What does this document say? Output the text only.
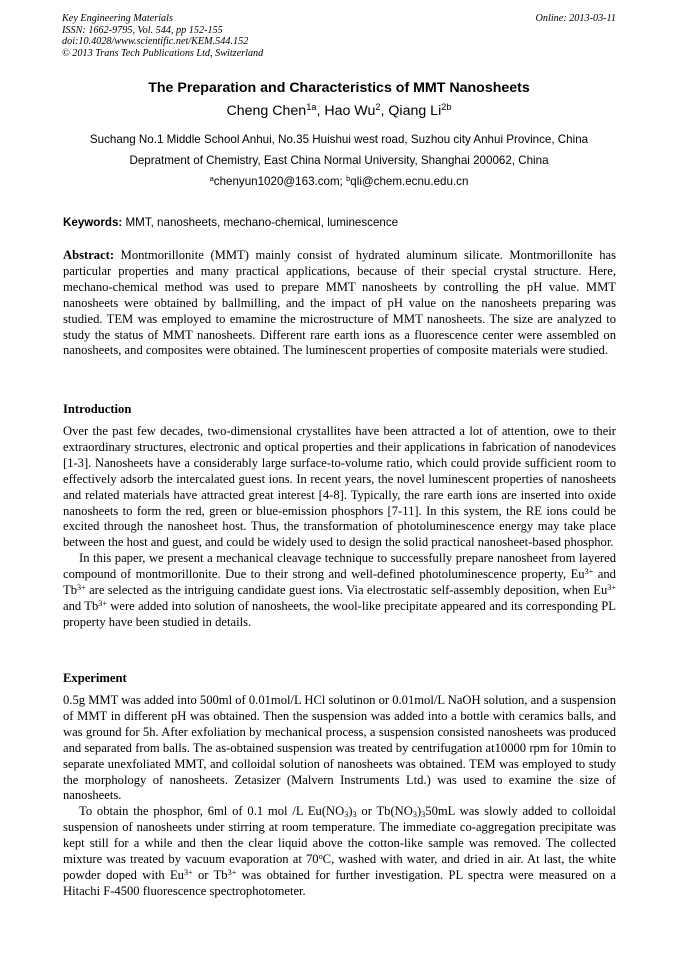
Key Engineering Materials
ISSN: 1662-9795, Vol. 544, pp 152-155
doi:10.4028/www.scientific.net/KEM.544.152
© 2013 Trans Tech Publications Ltd, Switzerland
Online: 2013-03-11
The Preparation and Characteristics of MMT Nanosheets
Cheng Chen$^{1a}$, Hao Wu$^2$, Qiang $Li^{2b}$
Suchang No.1 Middle School Anhui, No.35 Huishui west road, Suzhou city Anhui Province, China
Depratment of Chemistry, East China Normal University, Shanghai 200062, China
$^a$chenyun1020@163.com; $^b$qli@chem.ecnu.edu.cn
Keywords: MMT, nanosheets, mechano-chemical, luminescence

Abstract: Montmorillonite (MMT) mainly consist of hydrated aluminum silicate. Montmorillonite has particular properties and many practical applications, because of their special crystal structure. Here, mechano-chemical method was used to prepare MMT nanosheets by controlling the pH value. MMT nanosheets were obtained by ballmilling, and the impact of pH value on the nanosheets preparing was studied. TEM was employed to emamine the microstructure of MMT nanosheets. The size are analyzed to study the status of MMT nanosheets. Different rare earth ions as a fluorescence center were assembled on nanosheets, and composites were obtained. The luminescent properties of composite materials were studied.

Introduction

Over the past few decades, two-dimensional crystallites have been attracted a lot of attention, owe to their extraordinary structures, electronic and optical properties and their applications in fabrication of nanodevices [1-3]. Nanosheets have a considerably large surface-to-volume ratio, which could provide sufficient room to effectively adsorb the intercalated guest ions. In recent years, the novel luminescent properties of nanosheets and related materials have attracted great interest [4-8]. Typically, the rare earth ions are inserted into oxide nanosheets to form the red, green or blue-emission phosphors [7-11]. In this system, the RE ions could be excited through the nanosheet host. Thus, the transformation of photoluminescence energy may take place between the host and guest, and could be widely used to design the solid practical nanosheet-based phosphor.

In this paper, we present a mechanical cleavage technique to successfully prepare nanosheet from layered compound of montmorillonite. Due to their strong and well-defined photoluminescence property, $Eu^{3+}$ and $Tb^{3+}$ are selected as the intriguing candidate guest ions. Via electrostatic self-assembly deposition, when $Eu^{3+}$ and $Tb^{3+}$ were added into solution of nanosheets, the wool-like precipitate appeared and its corresponding PL property have been studied in details.

Experiment

0.5g MMT was added into 500ml of 0.01mol/L HCl solutinon or 0.01mol/L NaOH solution, and a suspension of MMT in different pH was obtained. Then the suspension was added into a bottle with ceramics balls, and was ground for 5h. After exfoliation by mechanical process, a suspension consisted nanosheets was produced and separated from balls. The as-obtained suspension was treated by centrifugation at10000 rpm for 10min to separate unexfoliated MMT, and colloidal solution of nanosheets was obtained. TEM was employed to study the morphology of nanosheets. Zetasizer (Malvern Instruments Ltd.) was used to examine the size of nanosheets.

To obtain the phosphor, 6ml of 0.1 mol /L $Eu(NO_3)_3$ or $Tb(NO_3)_350mL$ was slowly added to colloidal suspension of nanosheets under stirring at room temperature. The immediate co-aggregation precipitate was kept still for a while and then the clear liquid above the cotton-like sample was removed. The collected mixture was treated by vacuum evaporation at 70$^o$C, washed with water, and dried in air. At last, the white powder doped with $Eu^{3+}$ or $Tb^{3+}$ was obtained for further investigation. PL spectra were measured on a Hitachi F-4500 fluorescence spectrophotometer.
